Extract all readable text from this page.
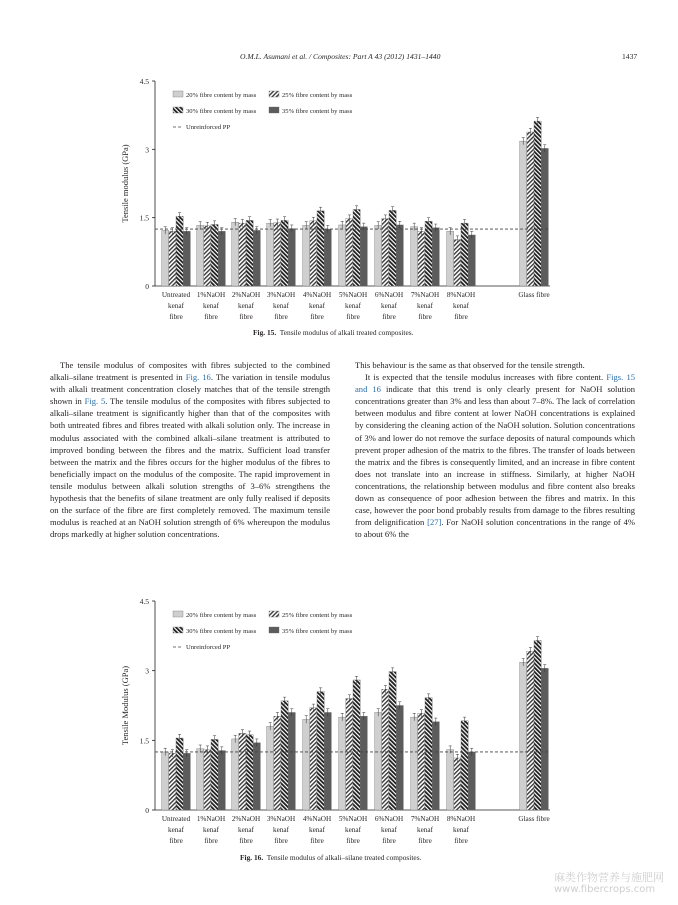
O.M.L. Asumani et al. / Composites: Part A 43 (2012) 1431–1440	1437
0
1.5
3
4.5
Tensile modulus (GPa)
Untreated
kenaf
fibre
1%NaOH
kenaf
fibre
2%NaOH
kenaf
fibre
3%NaOH
kenaf
fibre
4%NaOH
kenaf
fibre
5%NaOH
kenaf
fibre
6%NaOH
kenaf
fibre
7%NaOH
kenaf
fibre
8%NaOH
kenaf
fibre
Glass fibre
20% fibre content by mass	25% fibre content by mass
30% fibre content by mass	35% fibre content by mass
Unreinforced PP
Fig. 15. Tensile modulus of alkali treated composites.

The tensile modulus of composites with fibres subjected to the combined alkali–silane treatment is presented in Fig. 16. The variation in tensile modulus with alkali treatment concentration closely matches that of the tensile strength shown in Fig. 5. The tensile modulus of the composites with fibres subjected to alkali–silane treatment is significantly higher than that of the composites with both untreated fibres and fibres treated with alkali solution only. The increase in modulus associated with the combined alkali–silane treatment is attributed to improved bonding between the fibres and the matrix. Sufficient load transfer between the matrix and the fibres occurs for the higher modulus of the fibres to beneficially impact on the modulus of the composite. The rapid improvement in tensile modulus between alkali solution strengths of 3–6% strengthens the hypothesis that the benefits of silane treatment are only fully realised if deposits on the surface of the fibre are first completely removed. The maximum tensile modulus is reached at an NaOH solution strength of 6% whereupon the modulus drops markedly at higher solution concentrations.

This behaviour is the same as that observed for the tensile strength.

It is expected that the tensile modulus increases with fibre content. Figs. 15 and 16 indicate that this trend is only clearly present for NaOH solution concentrations greater than 3% and less than about 7–8%. The lack of correlation between modulus and fibre content at lower NaOH concentrations is explained by considering the cleaning action of the NaOH solution. Solution concentrations of 3% and lower do not remove the surface deposits of natural compounds which prevent proper adhesion of the matrix to the fibres. The transfer of loads between the matrix and the fibres is consequently limited, and an increase in fibre content does not translate into an increase in stiffness. Similarly, at higher NaOH concentrations, the relationship between modulus and fibre content also breaks down as consequence of poor adhesion between the fibres and matrix. In this case, however the poor bond probably results from damage to the fibres resulting from delignification [27]. For NaOH solution concentrations in the range of 4% to about 6% the

0
1.5
3
4.5
Tensile Modulus (GPa)
Untreated
kenaf
fibre
1%NaOH
kenaf
fibre
2%NaOH
kenaf
fibre
3%NaOH
kenaf
fibre
4%NaOH
kenaf
fibre
5%NaOH
kenaf
fibre
6%NaOH
kenaf
fibre
7%NaOH
kenaf
fibre
8%NaOH
kenaf
fibre
Glass fibre
20% fibre content by mass	25% fibre content by mass
30% fibre content by mass	35% fibre content by mass
Unreinforced PP
Fig. 16. Tensile modulus of alkali–silane treated composites.
麻类作物营养与施肥网
www.fibercrops.com
